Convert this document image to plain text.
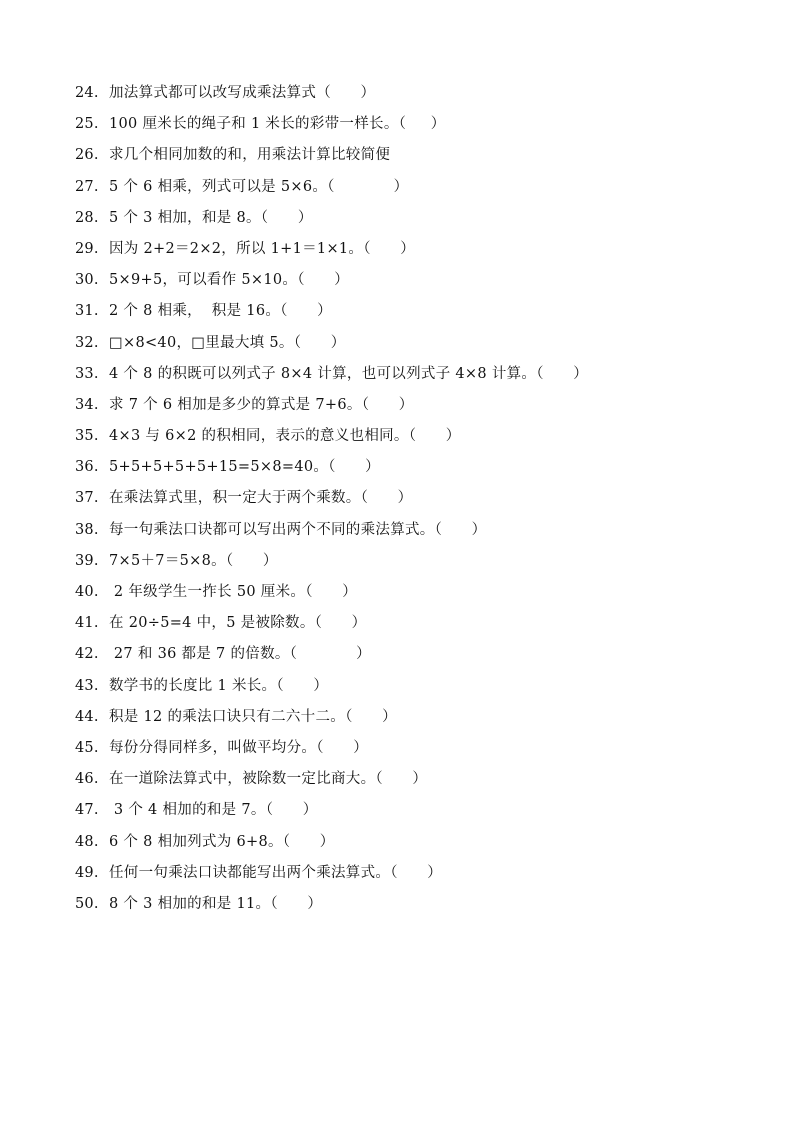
24. 加法算式都可以改写成乘法算式（      ）
25. 100 厘米长的绳子和 1 米长的彩带一样长。（     ）
26. 求几个相同加数的和，用乘法计算比较简便
27. 5 个 6 相乘，列式可以是 5×6。（            ）
28. 5 个 3 相加，和是 8。（      ）
29. 因为 2+2＝2×2，所以 1+1＝1×1。（      ）
30. 5×9+5，可以看作 5×10。（      ）
31. 2 个 8 相乘，  积是 16。（      ）
32. □×8<40，□里最大填 5。（      ）
33. 4 个 8 的积既可以列式子 8×4 计算，也可以列式子 4×8 计算。（      ）
34. 求 7 个 6 相加是多少的算式是 7+6。（      ）
35. 4×3 与 6×2 的积相同，表示的意义也相同。（      ）
36. 5+5+5+5+5+15=5×8=40。（      ）
37. 在乘法算式里，积一定大于两个乘数。（      ）
38. 每一句乘法口诀都可以写出两个不同的乘法算式。（      ）
39. 7×5＋7＝5×8。（      ）
40. 2 年级学生一拃长 50 厘米。（      ）
41. 在 20÷5=4 中，5 是被除数。（      ）
42. 27 和 36 都是 7 的倍数。（            ）
43. 数学书的长度比 1 米长。（      ）
44. 积是 12 的乘法口诀只有二六十二。（      ）
45. 每份分得同样多，叫做平均分。（      ）
46. 在一道除法算式中，被除数一定比商大。（      ）
47. 3 个 4 相加的和是 7。（      ）
48. 6 个 8 相加列式为 6+8。（      ）
49. 任何一句乘法口诀都能写出两个乘法算式。（      ）
50. 8 个 3 相加的和是 11。（      ）
